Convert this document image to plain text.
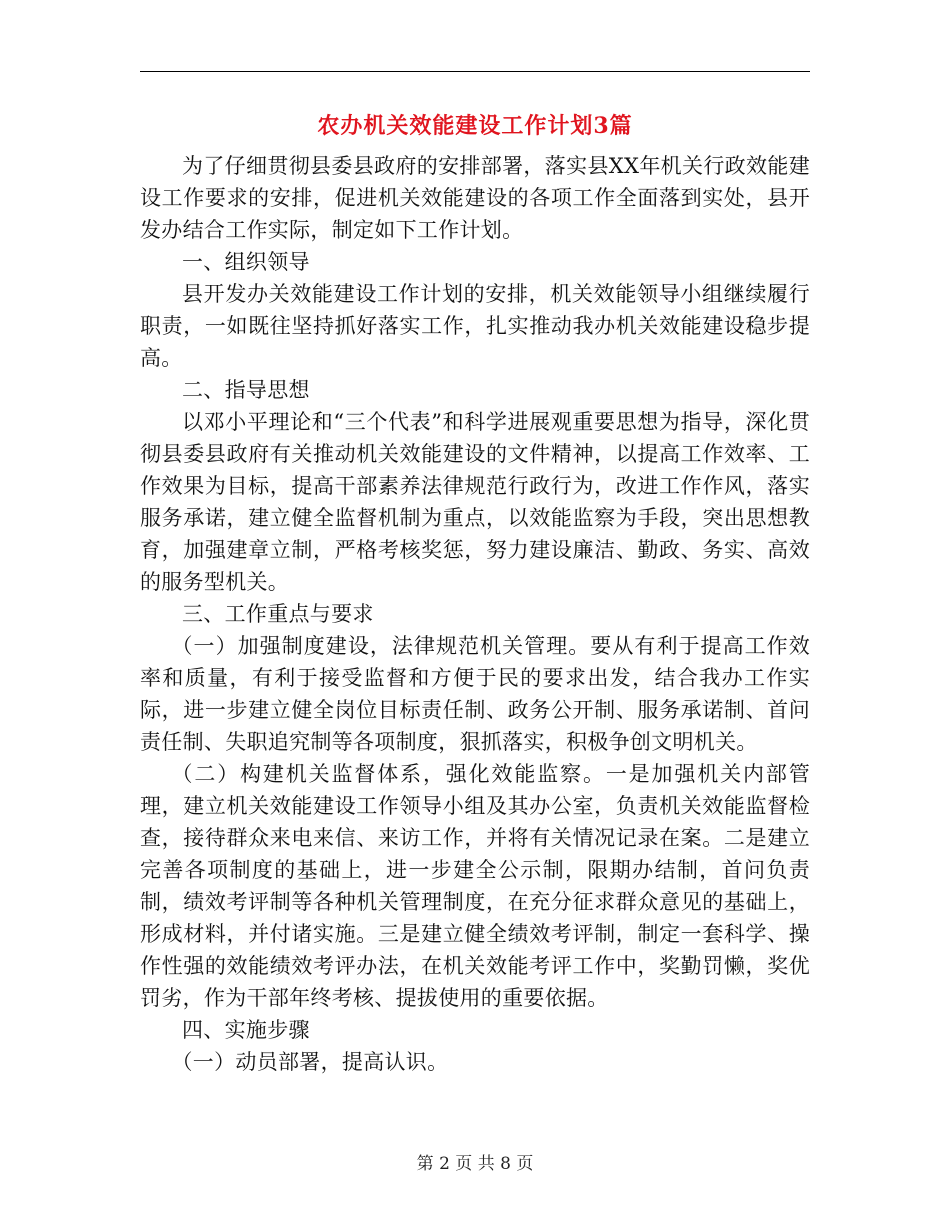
农办机关效能建设工作计划3篇

为了仔细贯彻县委县政府的安排部署，落实县XX年机关行政效能建设工作要求的安排，促进机关效能建设的各项工作全面落到实处，县开发办结合工作实际，制定如下工作计划。

一、组织领导

县开发办关效能建设工作计划的安排，机关效能领导小组继续履行职责，一如既往坚持抓好落实工作，扎实推动我办机关效能建设稳步提高。

二、指导思想

以邓小平理论和“三个代表”和科学进展观重要思想为指导，深化贯彻县委县政府有关推动机关效能建设的文件精神，以提高工作效率、工作效果为目标，提高干部素养法律规范行政行为，改进工作作风，落实服务承诺，建立健全监督机制为重点，以效能监察为手段，突出思想教育，加强建章立制，严格考核奖惩，努力建设廉洁、勤政、务实、高效的服务型机关。

三、工作重点与要求

（一）加强制度建设，法律规范机关管理。要从有利于提高工作效率和质量，有利于接受监督和方便于民的要求出发，结合我办工作实际，进一步建立健全岗位目标责任制、政务公开制、服务承诺制、首问责任制、失职追究制等各项制度，狠抓落实，积极争创文明机关。

（二）构建机关监督体系，强化效能监察。一是加强机关内部管理，建立机关效能建设工作领导小组及其办公室，负责机关效能监督检查，接待群众来电来信、来访工作，并将有关情况记录在案。二是建立完善各项制度的基础上，进一步建全公示制，限期办结制，首问负责制，绩效考评制等各种机关管理制度，在充分征求群众意见的基础上，形成材料，并付诸实施。三是建立健全绩效考评制，制定一套科学、操作性强的效能绩效考评办法，在机关效能考评工作中，奖勤罚懒，奖优罚劣，作为干部年终考核、提拔使用的重要依据。

四、实施步骤

（一）动员部署，提高认识。

第 2 页 共 8 页
